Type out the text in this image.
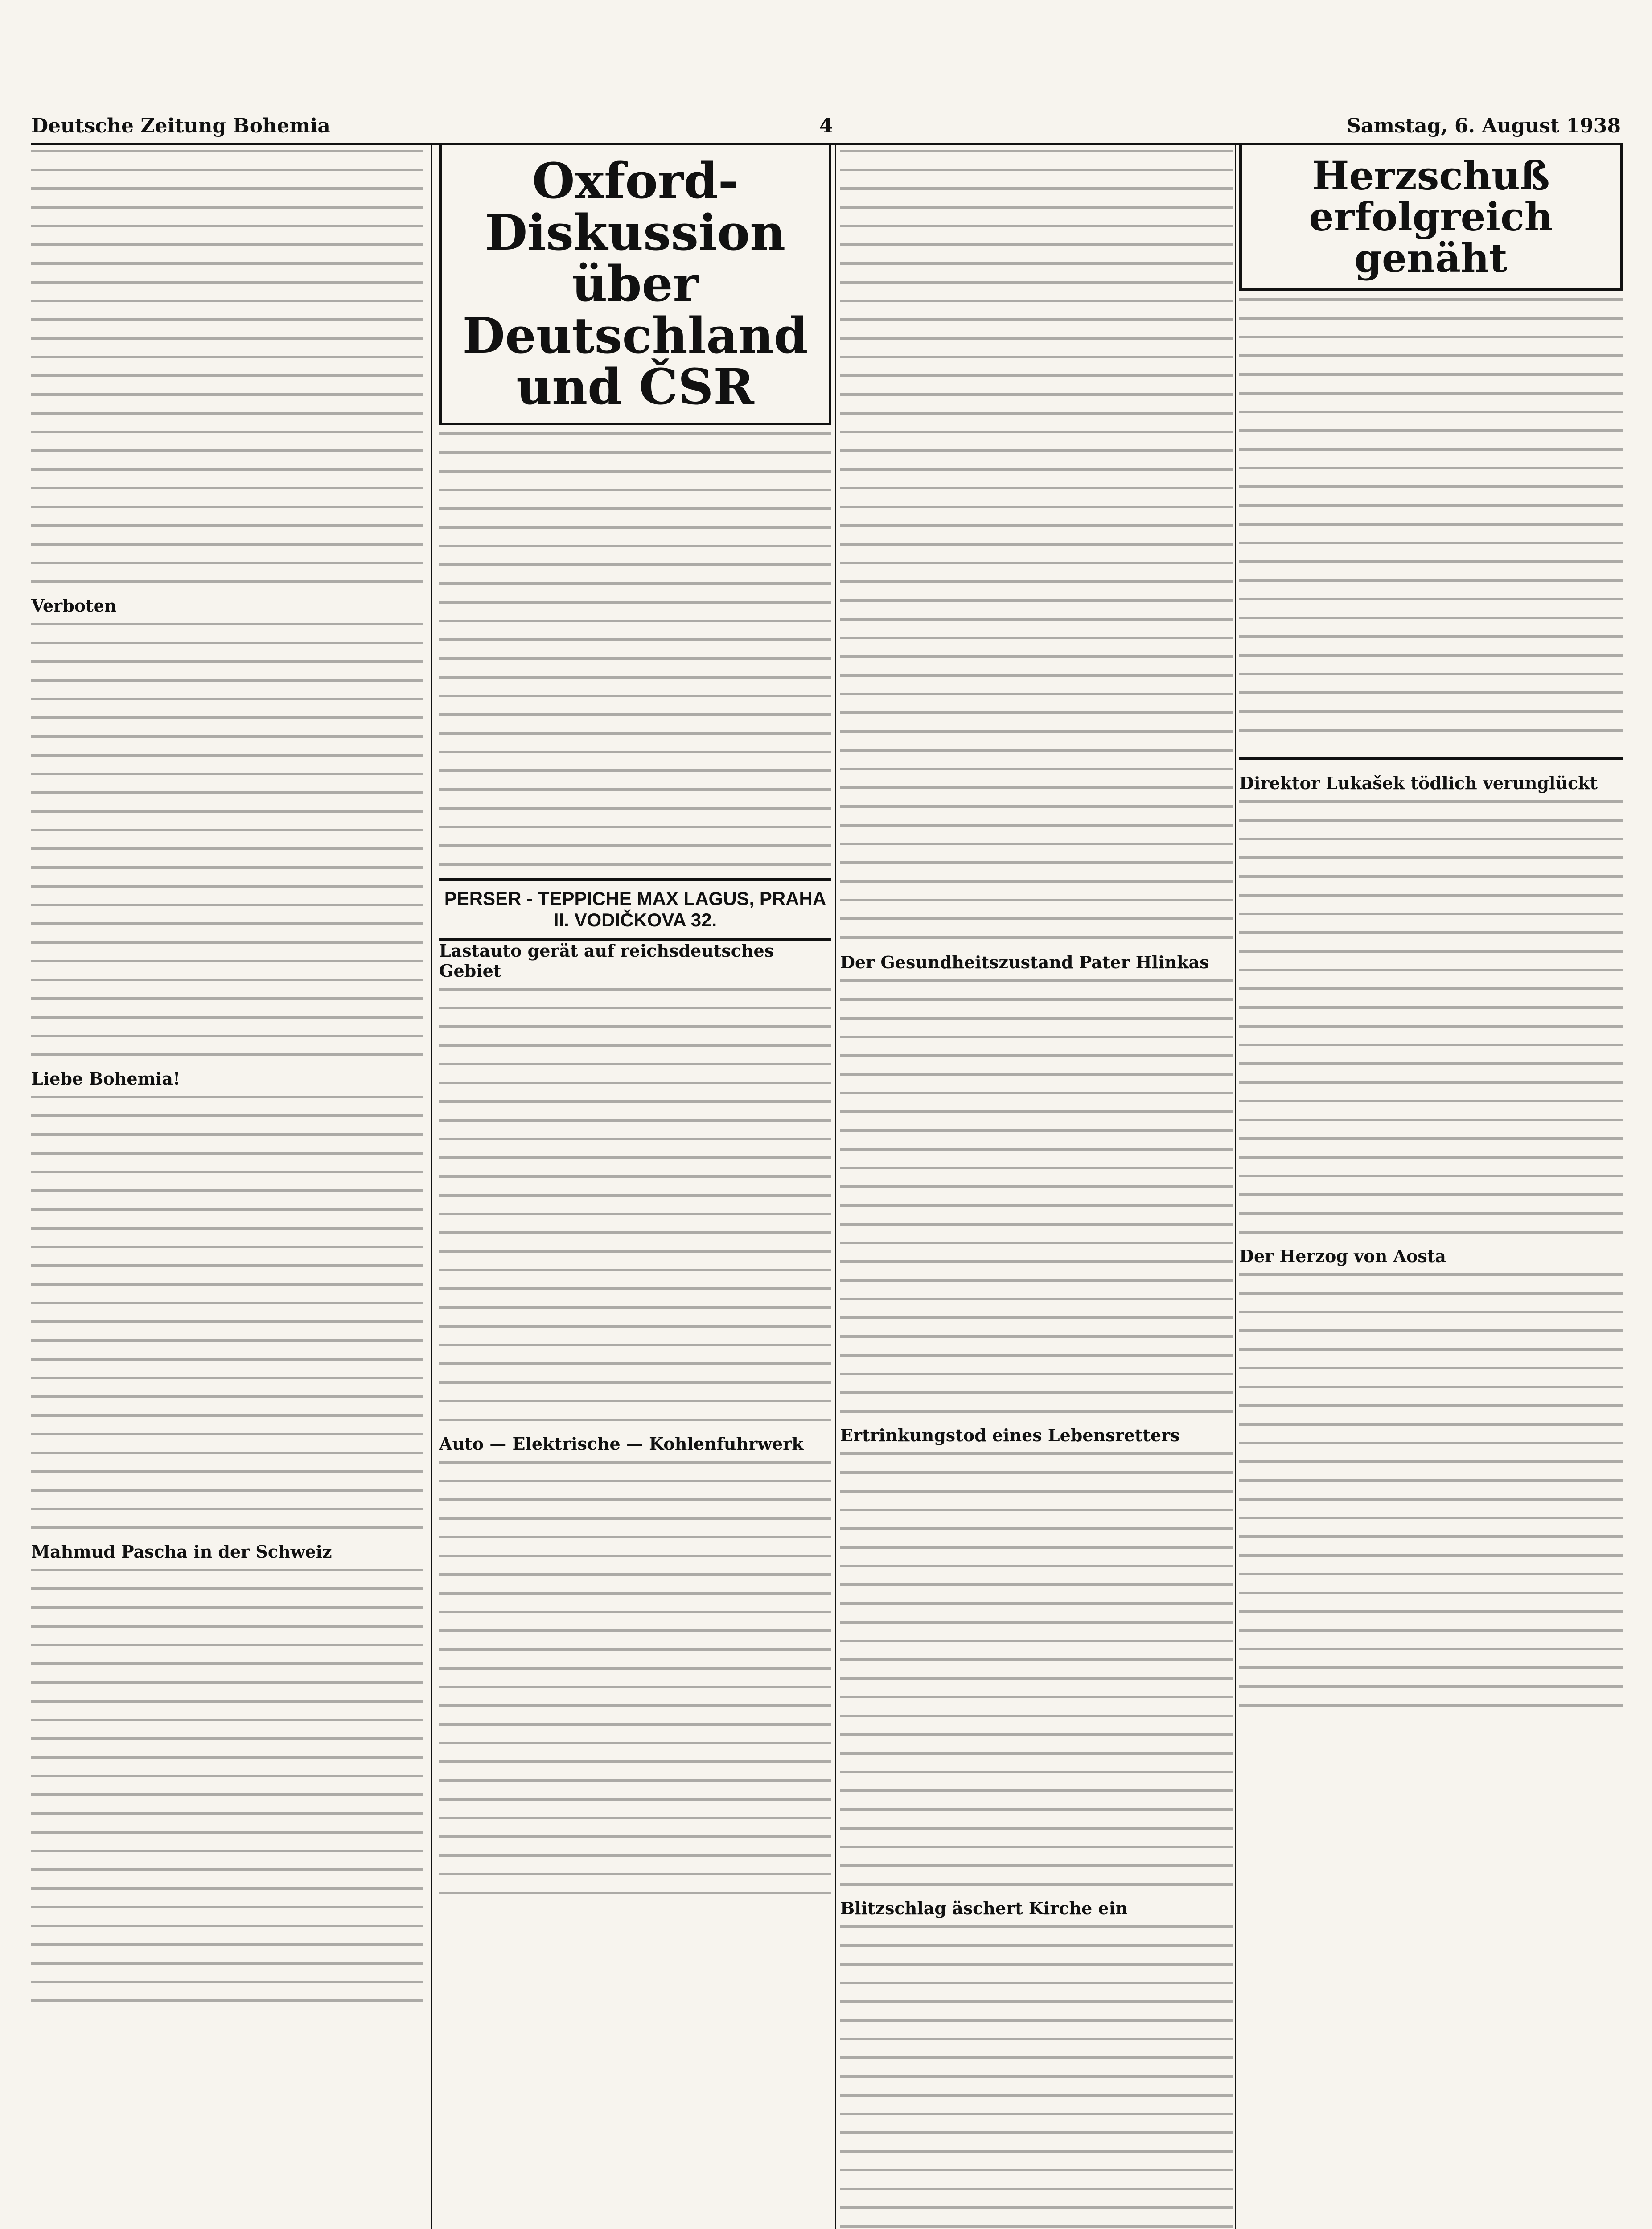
Deutsche Zeitung Bohemia	4	Samstag, 6. August 1938

Verboten

Liebe Bohemia!

Mahmud Pascha in der Schweiz

Oxford-Diskussion über Deutschland und ČSR
PERSER - TEPPICHE MAX LAGUS, PRAHA II. VODIČKOVA 32.

Lastauto gerät auf reichsdeutsches Gebiet

Auto — Elektrische — Kohlenfuhrwerk

Der Gesundheitszustand Pater Hlinkas

Ertrinkungstod eines Lebensretters

Blitzschlag äschert Kirche ein

Herzschuß erfolgreich genäht

Direktor Lukašek tödlich verunglückt

Der Herzog von Aosta
